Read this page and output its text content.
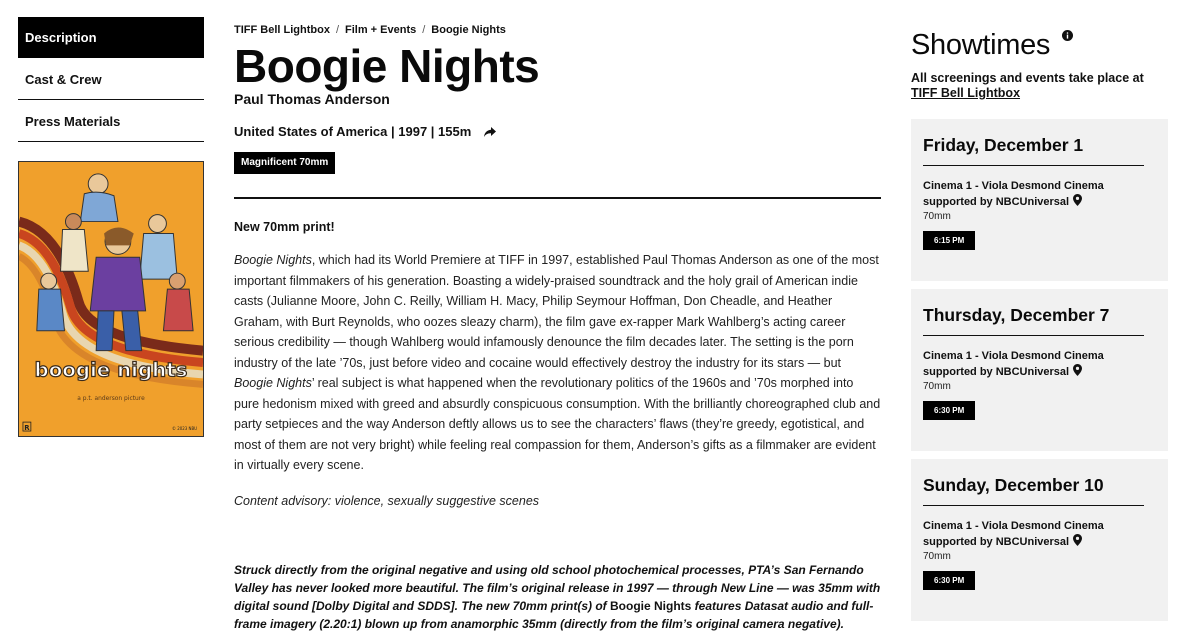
Description
Cast & Crew
Press Materials
boogie nights
a p.t. anderson picture
R	© 2023 NBU
TIFF Bell Lightbox / Film + Events / Boogie Nights
Boogie Nights
Paul Thomas Anderson
United States of America | 1997 | 155m
Magnificent 70mm

New 70mm print!

Boogie Nights, which had its World Premiere at TIFF in 1997, established Paul Thomas Anderson as one of the most important filmmakers of his generation. Boasting a widely-praised soundtrack and the holy grail of American indie casts (Julianne Moore, John C. Reilly, William H. Macy, Philip Seymour Hoffman, Don Cheadle, and Heather Graham, with Burt Reynolds, who oozes sleazy charm), the film gave ex-rapper Mark Wahlberg’s acting career serious credibility — though Wahlberg would infamously denounce the film decades later. The setting is the porn industry of the late ’70s, just before video and cocaine would effectively destroy the industry for its stars — but Boogie Nights’ real subject is what happened when the revolutionary politics of the 1960s and ’70s morphed into pure hedonism mixed with greed and absurdly conspicuous consumption. With the brilliantly choreographed club and party setpieces and the way Anderson deftly allows us to see the characters’ flaws (they’re greedy, egotistical, and most of them are not very bright) while feeling real compassion for them, Anderson’s gifts as a filmmaker are evident in virtually every scene.

Content advisory: violence, sexually suggestive scenes

Struck directly from the original negative and using old school photochemical processes, PTA’s San Fernando Valley has never looked more beautiful. The film’s original release in 1997 — through New Line — was 35mm with digital sound [Dolby Digital and SDDS]. The new 70mm print(s) of Boogie Nights features Datasat audio and full-frame imagery (2.20:1) blown up from anamorphic 35mm (directly from the film’s original camera negative).

Showtimes

All screenings and events take place at TIFF Bell Lightbox

Friday, December 1
Cinema 1 - Viola Desmond Cinema supported by NBCUniversal
70mm
6:15 PM
Thursday, December 7
Cinema 1 - Viola Desmond Cinema supported by NBCUniversal
70mm
6:30 PM
Sunday, December 10
Cinema 1 - Viola Desmond Cinema supported by NBCUniversal
70mm
6:30 PM
